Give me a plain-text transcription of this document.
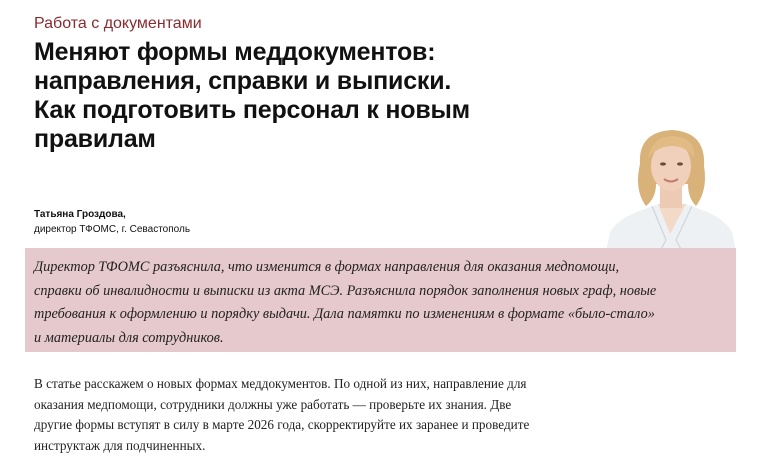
Работа с документами
Меняют формы меддокументов:
направления, справки и выписки.
Как подготовить персонал к новым
правилам
Татьяна Гроздова,
директор ТФОМС, г. Севастополь
Директор ТФОМС разъяснила, что изменится в формах направления для оказания медпомощи,
справки об инвалидности и выписки из акта МСЭ. Разъяснила порядок заполнения новых граф, новые
требования к оформлению и порядку выдачи. Дала памятки по изменениям в формате «было-стало»
и материалы для сотрудников.
В статье расскажем о новых формах меддокументов. По одной из них, направление для
оказания медпомощи, сотрудники должны уже работать — проверьте их знания. Две
другие формы вступят в силу в марте 2026 года, скорректируйте их заранее и проведите
инструктаж для подчиненных.
